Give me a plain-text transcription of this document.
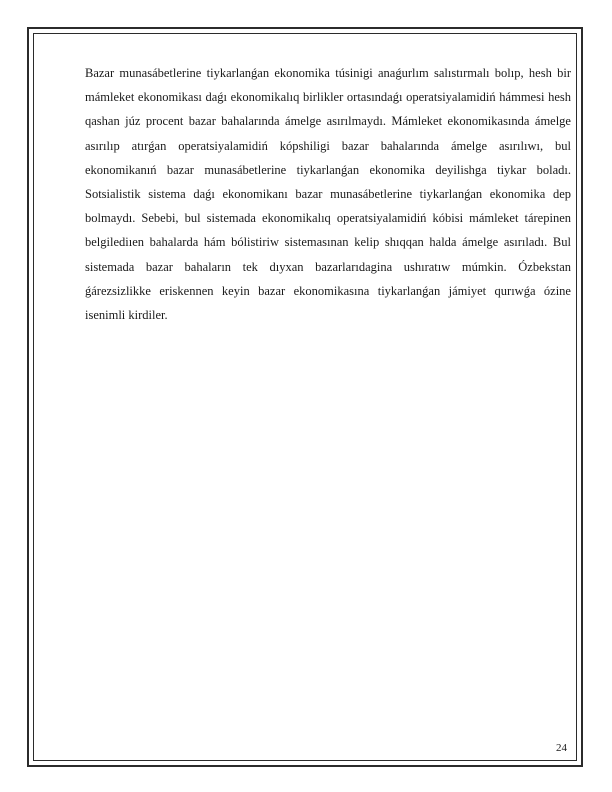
Bazar munasábetlerine tiykarlanǵan ekonomika túsinigi anaǵurlım salıstırmalı bolıp, hesh bir mámleket ekonomikası daǵı ekonomikalıq birlikler ortasındaǵı operatsiyalamidiń hámmesi hesh qashan júz procent bazar bahalarında ámelge asırılmaydı. Mámleket ekonomikasında ámelge asırılıp atırǵan operatsiyalamidiń kópshiligi bazar bahalarında ámelge asırılıwı, bul ekonomikanıń bazar munasábetlerine tiykarlanǵan ekonomika deyilishga tiykar boladı. Sotsialistik sistema daǵı ekonomikanı bazar munasábetlerine tiykarlanǵan ekonomika dep bolmaydı. Sebebi, bul sistemada ekonomikalıq operatsiyalamidiń kóbisi mámleket tárepinen belgilediıen bahalarda hám bólistiriw sistemasınan kelip shıqqan halda ámelge asırıladı. Bul sistemada bazar bahaların tek dıyxan bazarlarıdagina ushıratıw múmkin. Ózbekstan ǵárezsizlikke eriskennen keyin bazar ekonomikasına tiykarlanǵan jámiyet qurıwǵa ózine isenimli kirdiler.

24
